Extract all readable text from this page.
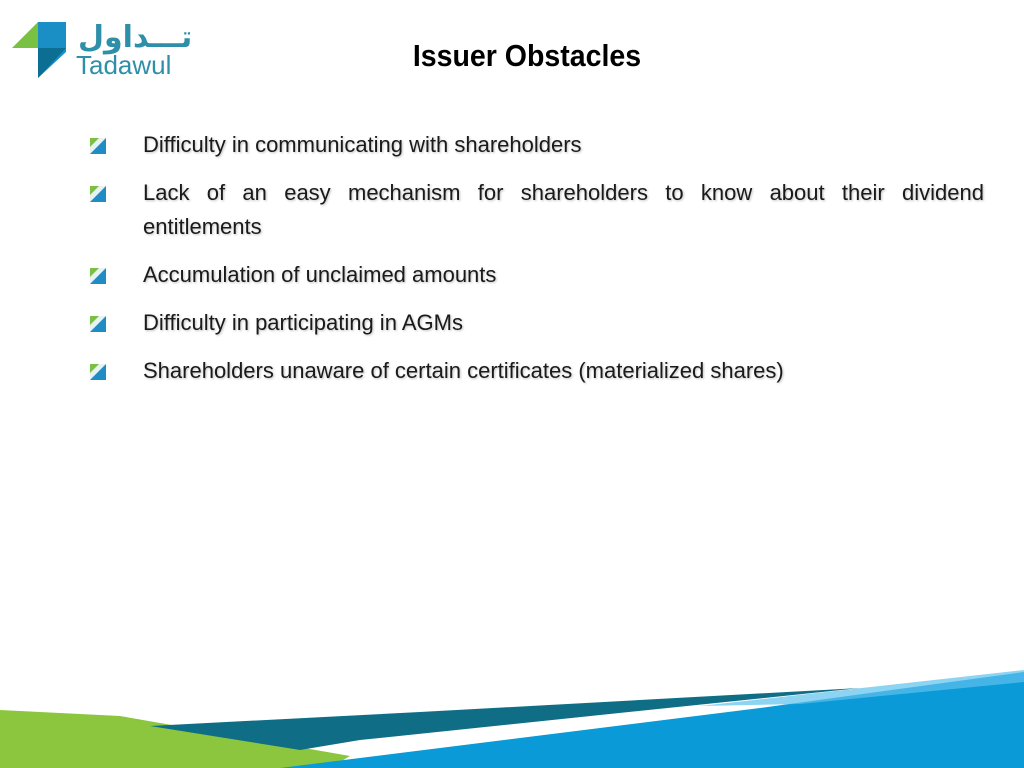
تـــداول
Tadawul	Issuer Obstacles
Difficulty in communicating with shareholders
Lack of an easy mechanism for shareholders to know about their dividend entitlements
Accumulation of unclaimed amounts
Difficulty in participating in AGMs
Shareholders unaware of certain certificates (materialized shares)
